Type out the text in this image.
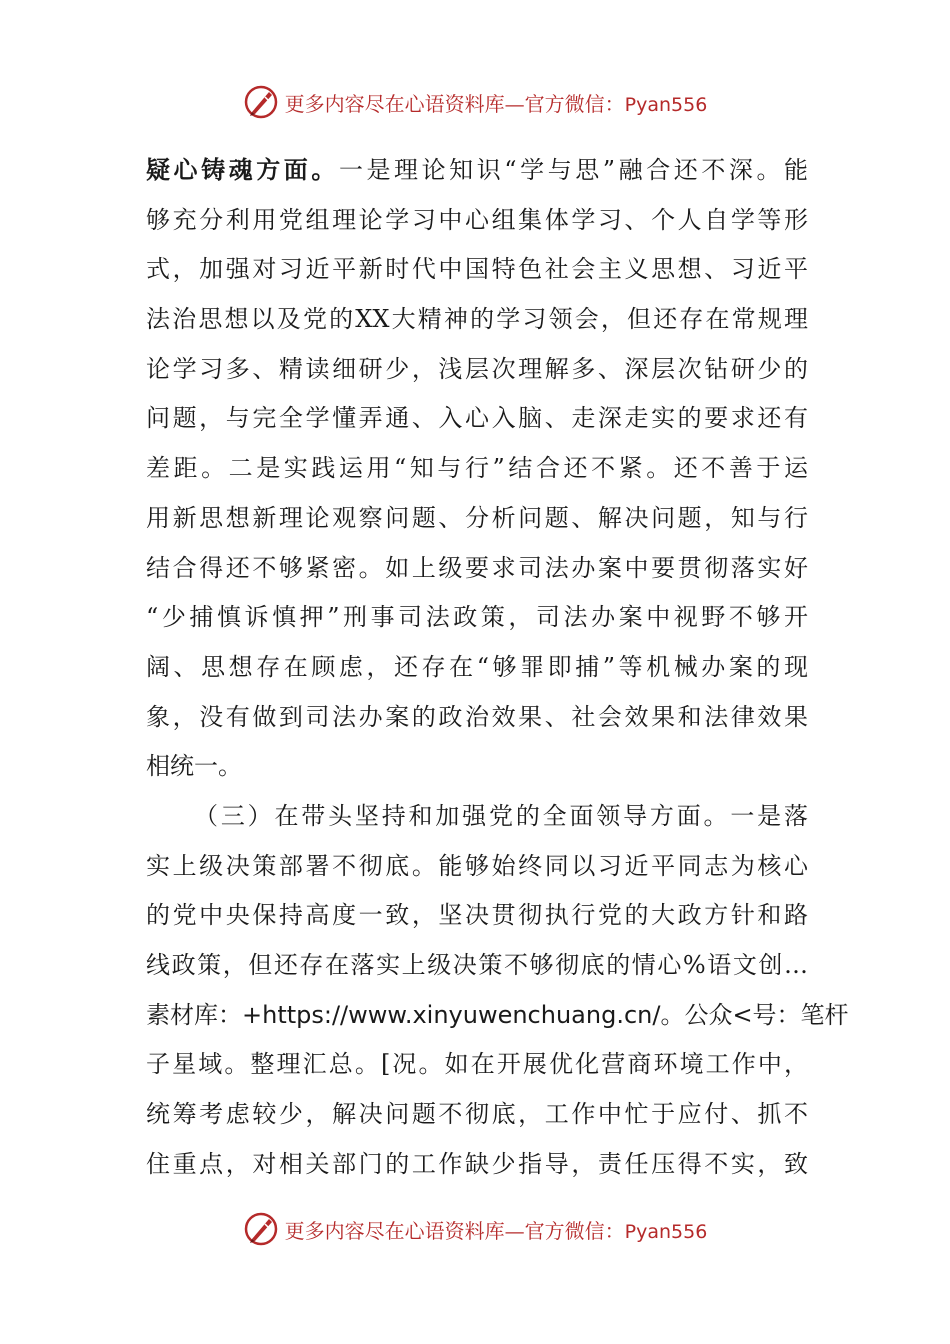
更多内容尽在心语资料库—官方微信：Pyan556
疑心铸魂方面。一是理论知识“学与思”融合还不深。能
够充分利用党组理论学习中心组集体学习、个人自学等形
式，加强对习近平新时代中国特色社会主义思想、习近平
法治思想以及党的XX大精神的学习领会，但还存在常规理
论学习多、精读细研少，浅层次理解多、深层次钻研少的
问题，与完全学懂弄通、入心入脑、走深走实的要求还有
差距。二是实践运用“知与行”结合还不紧。还不善于运
用新思想新理论观察问题、分析问题、解决问题，知与行
结合得还不够紧密。如上级要求司法办案中要贯彻落实好
“少捕慎诉慎押”刑事司法政策，司法办案中视野不够开
阔、思想存在顾虑，还存在“够罪即捕”等机械办案的现
象，没有做到司法办案的政治效果、社会效果和法律效果
相统一。
（三）在带头坚持和加强党的全面领导方面。一是落
实上级决策部署不彻底。能够始终同以习近平同志为核心
的党中央保持高度一致，坚决贯彻执行党的大政方针和路
线政策，但还存在落实上级决策不够彻底的情心%语文创…
素材库：+https://www.xinyuwenchuang.cn/。公众<号：笔杆
子星域。整理汇总。[况。如在开展优化营商环境工作中，
统筹考虑较少，解决问题不彻底，工作中忙于应付、抓不
住重点，对相关部门的工作缺少指导，责任压得不实，致
更多内容尽在心语资料库—官方微信：Pyan556
